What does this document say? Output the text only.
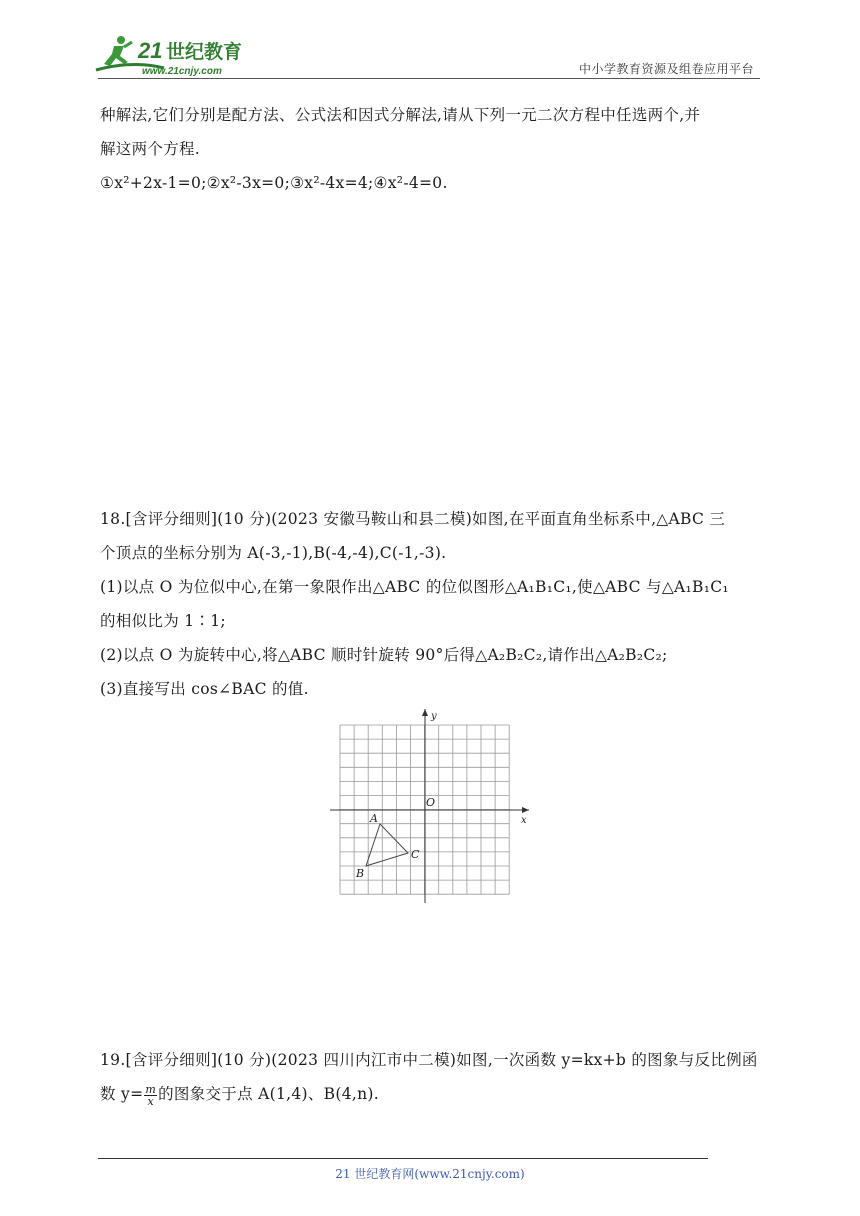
21 世纪教育
www.21cnjy.com	中小学教育资源及组卷应用平台
种解法,它们分别是配方法、公式法和因式分解法,请从下列一元二次方程中任选两个,并
解这两个方程.
①x²+2x-1=0;②x²-3x=0;③x²-4x=4;④x²-4=0.
18.[含评分细则](10 分)(2023 安徽马鞍山和县二模)如图,在平面直角坐标系中,△ABC 三
个顶点的坐标分别为 A(-3,-1),B(-4,-4),C(-1,-3).
(1)以点 O 为位似中心,在第一象限作出△ABC 的位似图形△A₁B₁C₁,使△ABC 与△A₁B₁C₁
的相似比为 1∶1;
(2)以点 O 为旋转中心,将△ABC 顺时针旋转 90°后得△A₂B₂C₂,请作出△A₂B₂C₂;
(3)直接写出 cos∠BAC 的值.
y
x
O
A
B
C
19.[含评分细则](10 分)(2023 四川内江市中二模)如图,一次函数 y=kx+b 的图象与反比例函
数 $y= \frac{m}{x}$ 的图象交于点 A(1,4)、B(4,n).
21 世纪教育网(www.21cnjy.com)
